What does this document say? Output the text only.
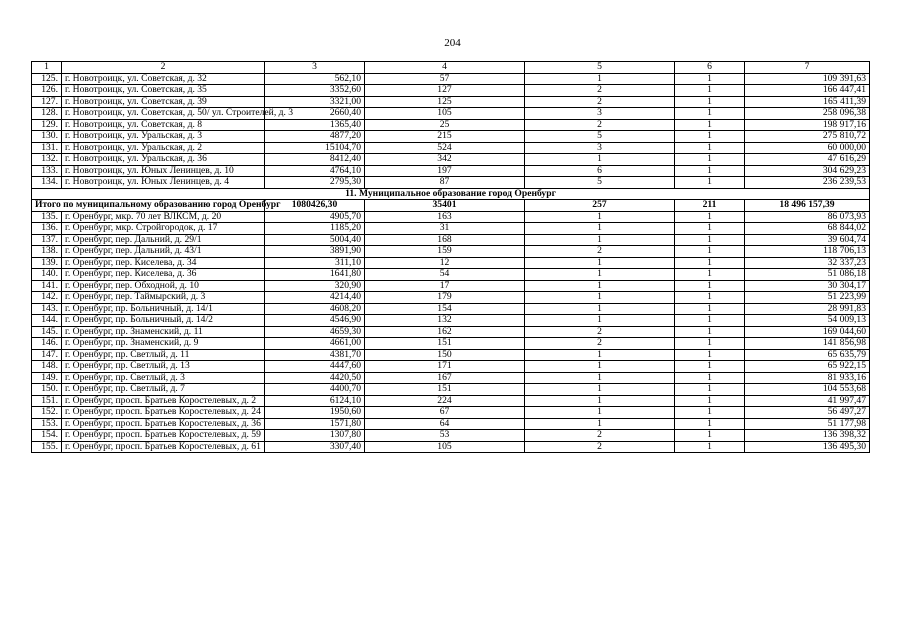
204
1	2	3	4	5	6	7
125.	г. Новотроицк, ул. Советская, д. 32	562,10	57	1	1	109 391,63
126.	г. Новотроицк, ул. Советская, д. 35	3352,60	127	2	1	166 447,41
127.	г. Новотроицк, ул. Советская, д. 39	3321,00	125	2	1	165 411,39
128.	г. Новотроицк, ул. Советская, д. 50/ ул. Строителей, д. 3	2660,40	105	3	1	258 096,38
129.	г. Новотроицк, ул. Советская, д. 8	1365,40	25	2	1	198 917,16
130.	г. Новотроицк, ул. Уральская, д. 3	4877,20	215	5	1	275 810,72
131.	г. Новотроицк, ул. Уральская, д. 2	15104,70	524	3	1	60 000,00
132.	г. Новотроицк, ул. Уральская, д. 36	8412,40	342	1	1	47 616,29
133.	г. Новотроицк, ул. Юных Ленинцев, д. 10	4764,10	197	6	1	304 629,23
134.	г. Новотроицк, ул. Юных Ленинцев, д. 4	2795,30	87	5	1	236 239,53
11. Муниципальное образование город Оренбург						
Итого по муниципальному образованию город Оренбург		1080426,30	35401	257	211	18 496 157,39
135.	г. Оренбург, мкр. 70 лет ВЛКСМ, д. 20	4905,70	163	1	1	86 073,93
136.	г. Оренбург, мкр. Стройгородок, д. 17	1185,20	31	1	1	68 844,02
137.	г. Оренбург, пер. Дальний, д. 29/1	5004,40	168	1	1	39 604,74
138.	г. Оренбург, пер. Дальний, д. 43/1	3891,90	159	2	1	118 706,13
139.	г. Оренбург, пер. Киселева, д. 34	311,10	12	1	1	32 337,23
140.	г. Оренбург, пер. Киселева, д. 36	1641,80	54	1	1	51 086,18
141.	г. Оренбург, пер. Обходной, д. 10	320,90	17	1	1	30 304,17
142.	г. Оренбург, пер. Таймырский, д. 3	4214,40	179	1	1	51 223,99
143.	г. Оренбург, пр. Больничный, д. 14/1	4608,20	154	1	1	28 991,83
144.	г. Оренбург, пр. Больничный, д. 14/2	4546,90	132	1	1	54 009,13
145.	г. Оренбург, пр. Знаменский, д. 11	4659,30	162	2	1	169 044,60
146.	г. Оренбург, пр. Знаменский, д. 9	4661,00	151	2	1	141 856,98
147.	г. Оренбург, пр. Светлый, д. 11	4381,70	150	1	1	65 635,79
148.	г. Оренбург, пр. Светлый, д. 13	4447,60	171	1	1	65 922,15
149.	г. Оренбург, пр. Светлый, д. 3	4420,50	167	1	1	81 933,16
150.	г. Оренбург, пр. Светлый, д. 7	4400,70	151	1	1	104 553,68
151.	г. Оренбург, просп. Братьев Коростелевых, д. 2	6124,10	224	1	1	41 997,47
152.	г. Оренбург, просп. Братьев Коростелевых, д. 24	1950,60	67	1	1	56 497,27
153.	г. Оренбург, просп. Братьев Коростелевых, д. 36	1571,80	64	1	1	51 177,98
154.	г. Оренбург, просп. Братьев Коростелевых, д. 59	1307,80	53	2	1	136 398,32
155.	г. Оренбург, просп. Братьев Коростелевых, д. 61	3307,40	105	2	1	136 495,30
